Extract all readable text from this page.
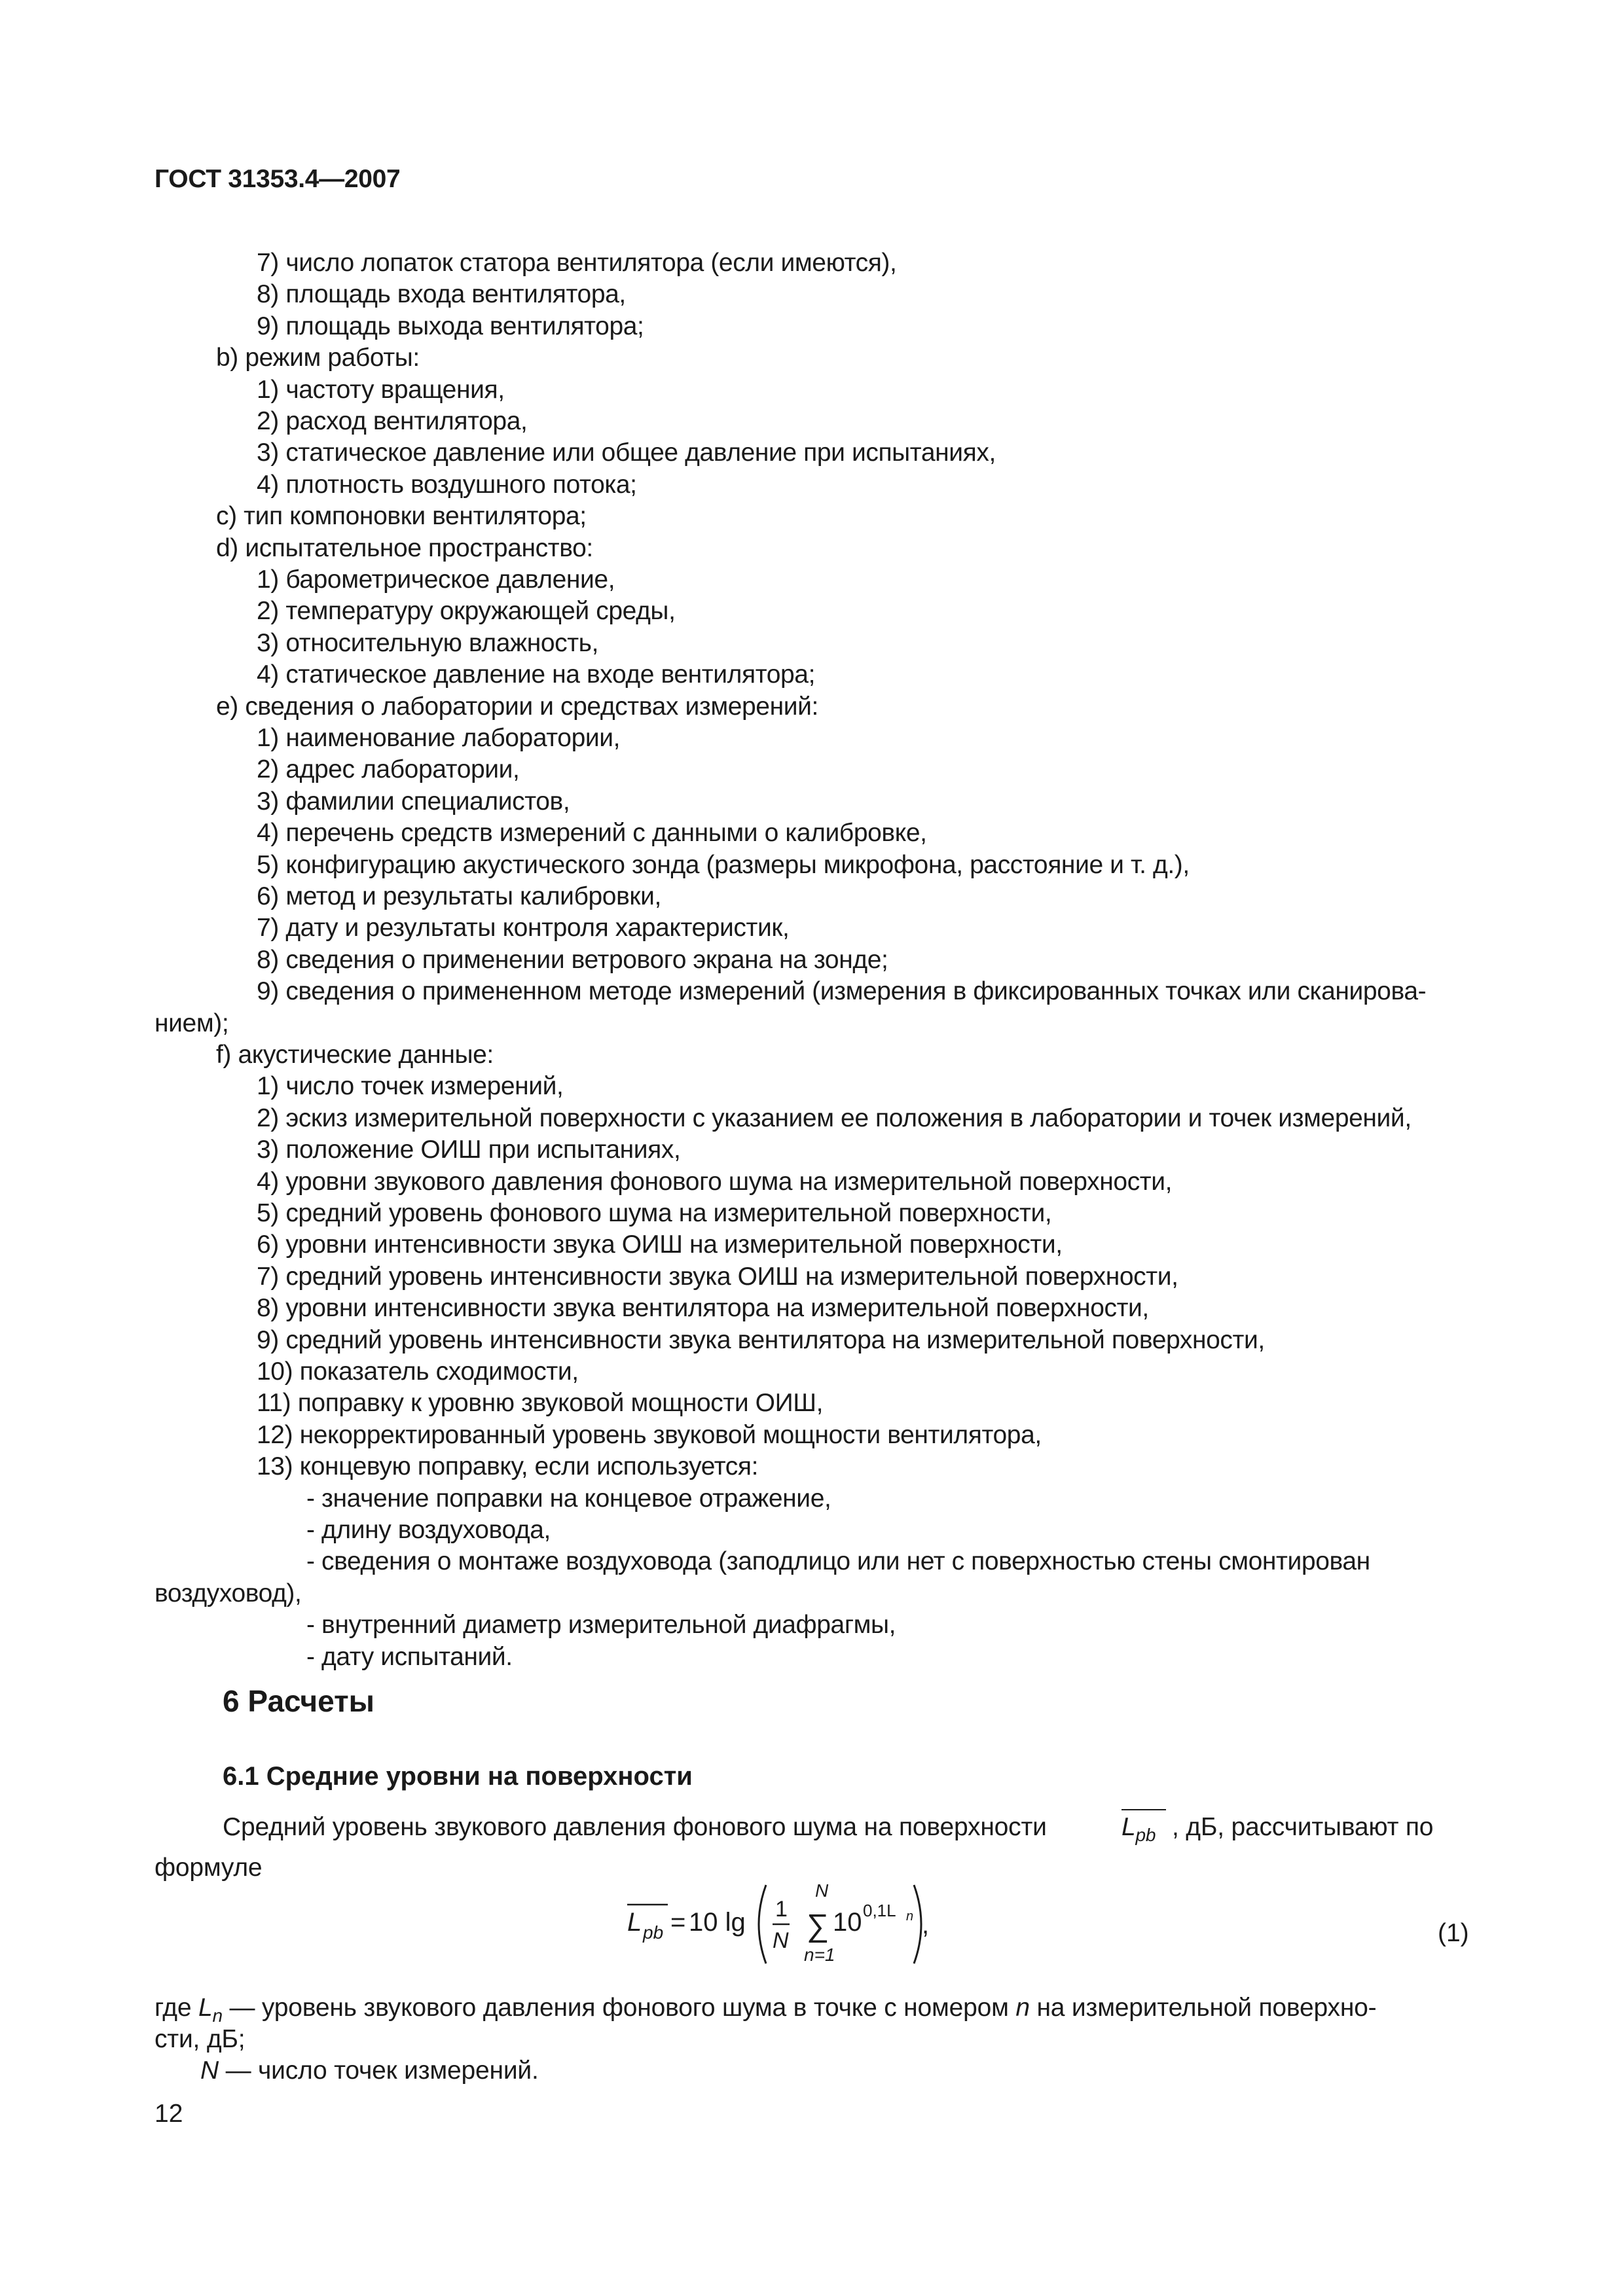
ГОСТ 31353.4—2007
7) число лопаток статора вентилятора (если имеются),
8) площадь входа вентилятора,
9) площадь выхода вентилятора;
b) режим работы:
1) частоту вращения,
2) расход вентилятора,
3) статическое давление или общее давление при испытаниях,
4) плотность воздушного потока;
c) тип компоновки вентилятора;
d) испытательное пространство:
1) барометрическое давление,
2) температуру окружающей среды,
3) относительную влажность,
4) статическое давление на входе вентилятора;
e) сведения о лаборатории и средствах измерений:
1) наименование лаборатории,
2) адрес лаборатории,
3) фамилии специалистов,
4) перечень средств измерений с данными о калибровке,
5) конфигурацию акустического зонда (размеры микрофона, расстояние и т. д.),
6) метод и результаты калибровки,
7) дату и результаты контроля характеристик,
8) сведения о применении ветрового экрана на зонде;
9) сведения о примененном методе измерений (измерения в фиксированных точках или сканирова-
нием);
f) акустические данные:
1) число точек измерений,
2) эскиз измерительной поверхности с указанием ее положения в лаборатории и точек измерений,
3) положение ОИШ при испытаниях,
4) уровни звукового давления фонового шума на измерительной поверхности,
5) средний уровень фонового шума на измерительной поверхности,
6) уровни интенсивности звука ОИШ на измерительной поверхности,
7) средний уровень интенсивности звука ОИШ на измерительной поверхности,
8) уровни интенсивности звука вентилятора на измерительной поверхности,
9) средний уровень интенсивности звука вентилятора на измерительной поверхности,
10) показатель сходимости,
11) поправку к уровню звуковой мощности ОИШ,
12) некорректированный уровень звуковой мощности вентилятора,
13) концевую поправку, если используется:
- значение поправки на концевое отражение,
- длину воздуховода,
- сведения о монтаже воздуховода (заподлицо или нет с поверхностью стены смонтирован
воздуховод),
- внутренний диаметр измерительной диафрагмы,
- дату испытаний.
6 Расчеты
6.1 Средние уровни на поверхности
Средний уровень звукового давления фонового шума на поверхности	$L_{pb}$ , дБ, рассчитывают по
формуле
L pb = 10 lg 1
N
N
∑
n=1
10 0,1L n ,	(1)
где $L_n$ — уровень звукового давления фонового шума в точке с номером n на измерительной поверхно-
сти, дБ;
N — число точек измерений.
12
